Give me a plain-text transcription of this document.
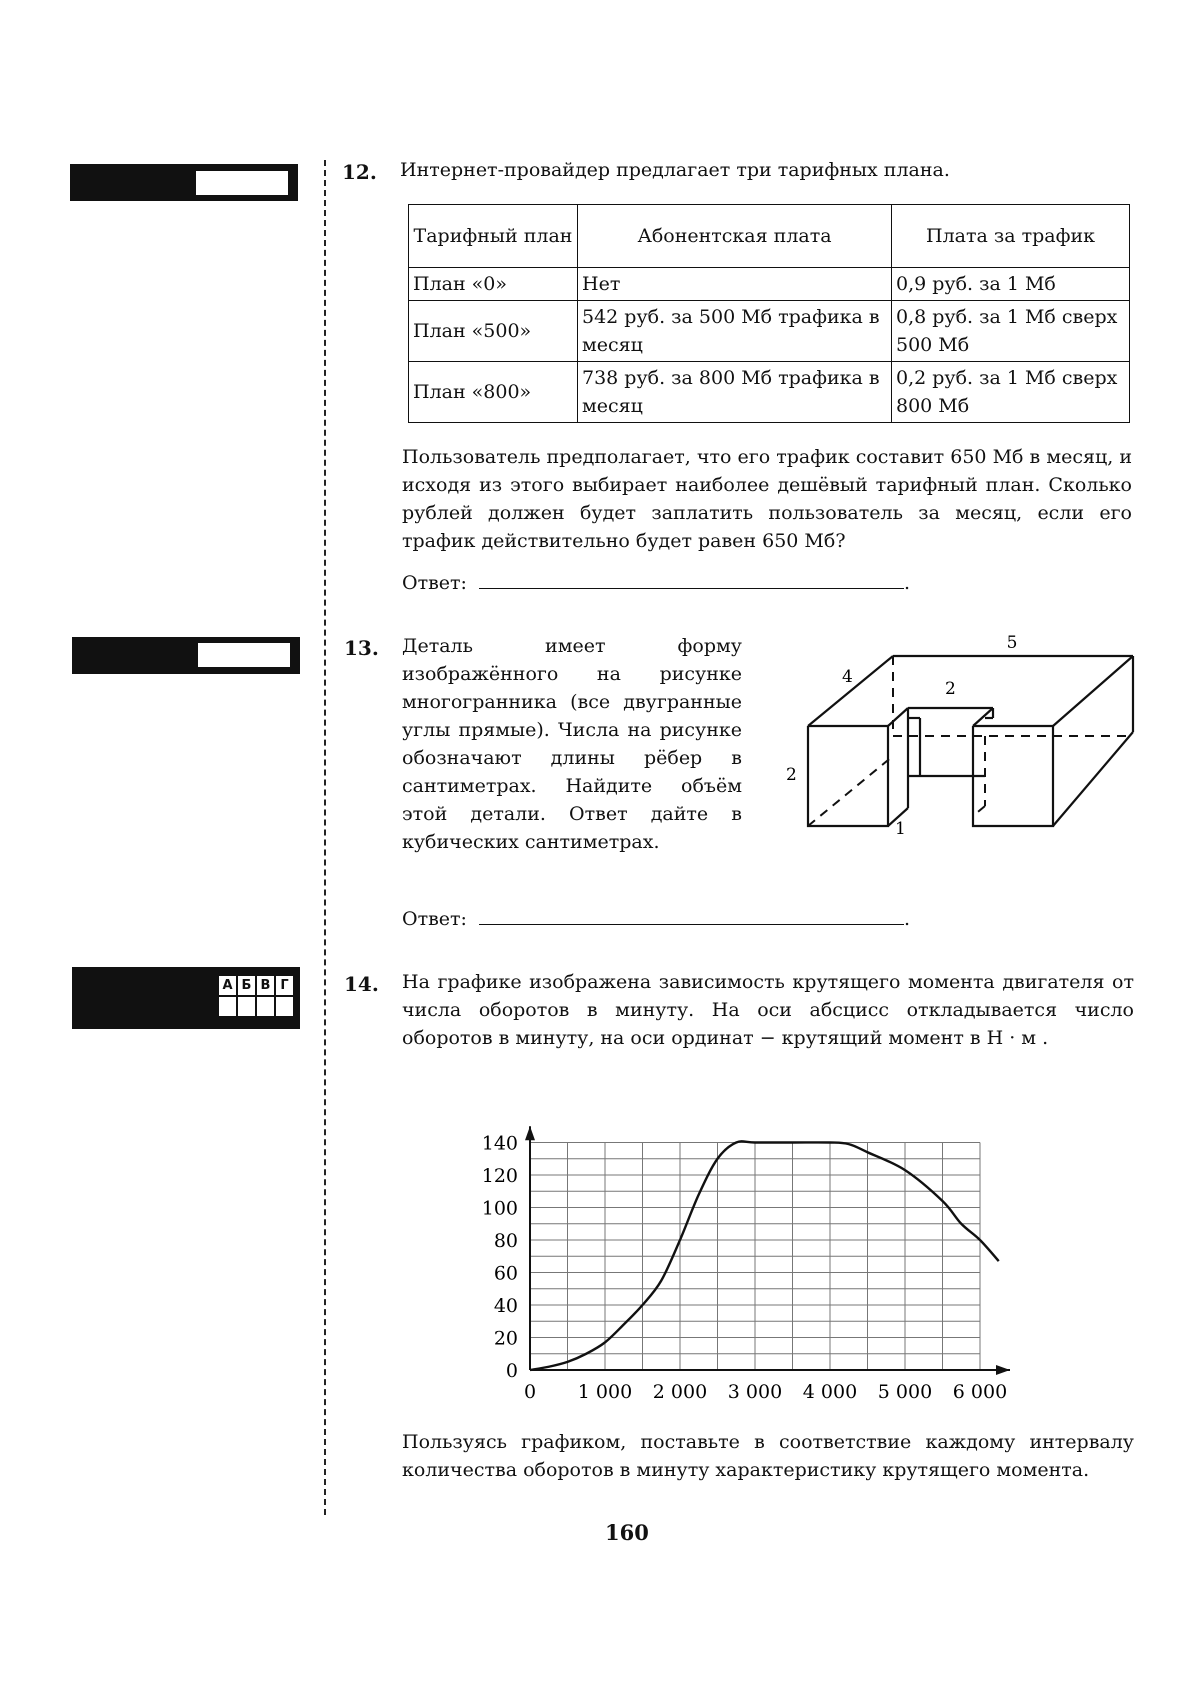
А Б В Г
12. Интернет-провайдер предлагает три тарифных плана.
Тарифный план	Абонентская плата	Плата за трафик
План «0»	Нет	0,9 руб. за 1 Мб
План «500»	542 руб. за 500 Мб трафика в месяц	0,8 руб. за 1 Мб сверх 500 Мб
План «800»	738 руб. за 800 Мб трафика в месяц	0,2 руб. за 1 Мб сверх 800 Мб
Пользователь предполагает, что его трафик составит 650 Мб в месяц, и исходя из этого выбирает наиболее дешёвый тарифный план. Сколько рублей должен будет заплатить пользователь за месяц, если его трафик действительно будет равен 650 Мб?
Ответ:	.
13. Деталь имеет форму изображённого на рисунке многогранника (все двугранные углы прямые). Числа на рисунке обозначают длины рёбер в сантиметрах. Найдите объём этой детали. Ответ дайте в кубических сантиметрах.
5
4
2
2
1
Ответ:	.
14. На графике изображена зависимость крутящего момента двигателя от числа оборотов в минуту. На оси абсцисс откладывается число оборотов в минуту, на оси ординат − крутящий момент в Н · м .
0 1 000 2 000 3 000 4 000 5 000 6 000
0
20
40
60
80
100
120
140
Пользуясь графиком, поставьте в соответствие каждому интервалу количества оборотов в минуту характеристику крутящего момента.
160
